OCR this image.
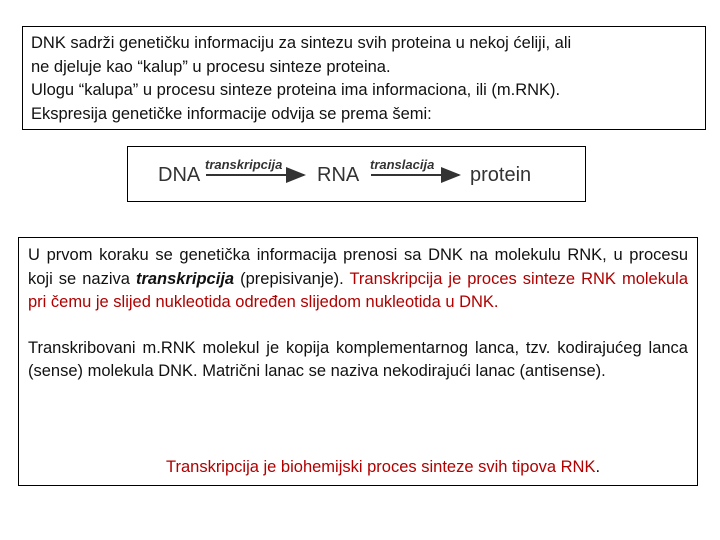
DNK sadrži genetičku informaciju za sintezu svih proteina u nekoj ćeliji, ali
ne djeluje kao “kalup” u procesu sinteze proteina.
Ulogu “kalupa” u procesu sinteze proteina ima informaciona, ili (m.RNK).
Ekspresija genetičke informacije odvija se prema šemi:
DNA transkripcija RNA translacija protein

U prvom koraku se genetička informacija prenosi sa DNK na molekulu RNK, u procesu koji se naziva transkripcija (prepisivanje). Transkripcija je proces sinteze RNK molekula pri čemu je slijed nukleotida određen slijedom nukleotida u DNK.

Transkribovani m.RNK molekul je kopija komplementarnog lanca, tzv. kodirajućeg lanca (sense) molekula DNK. Matrični lanac se naziva nekodirajući lanac (antisense).

Transkripcija je biohemijski proces sinteze svih tipova RNK.
